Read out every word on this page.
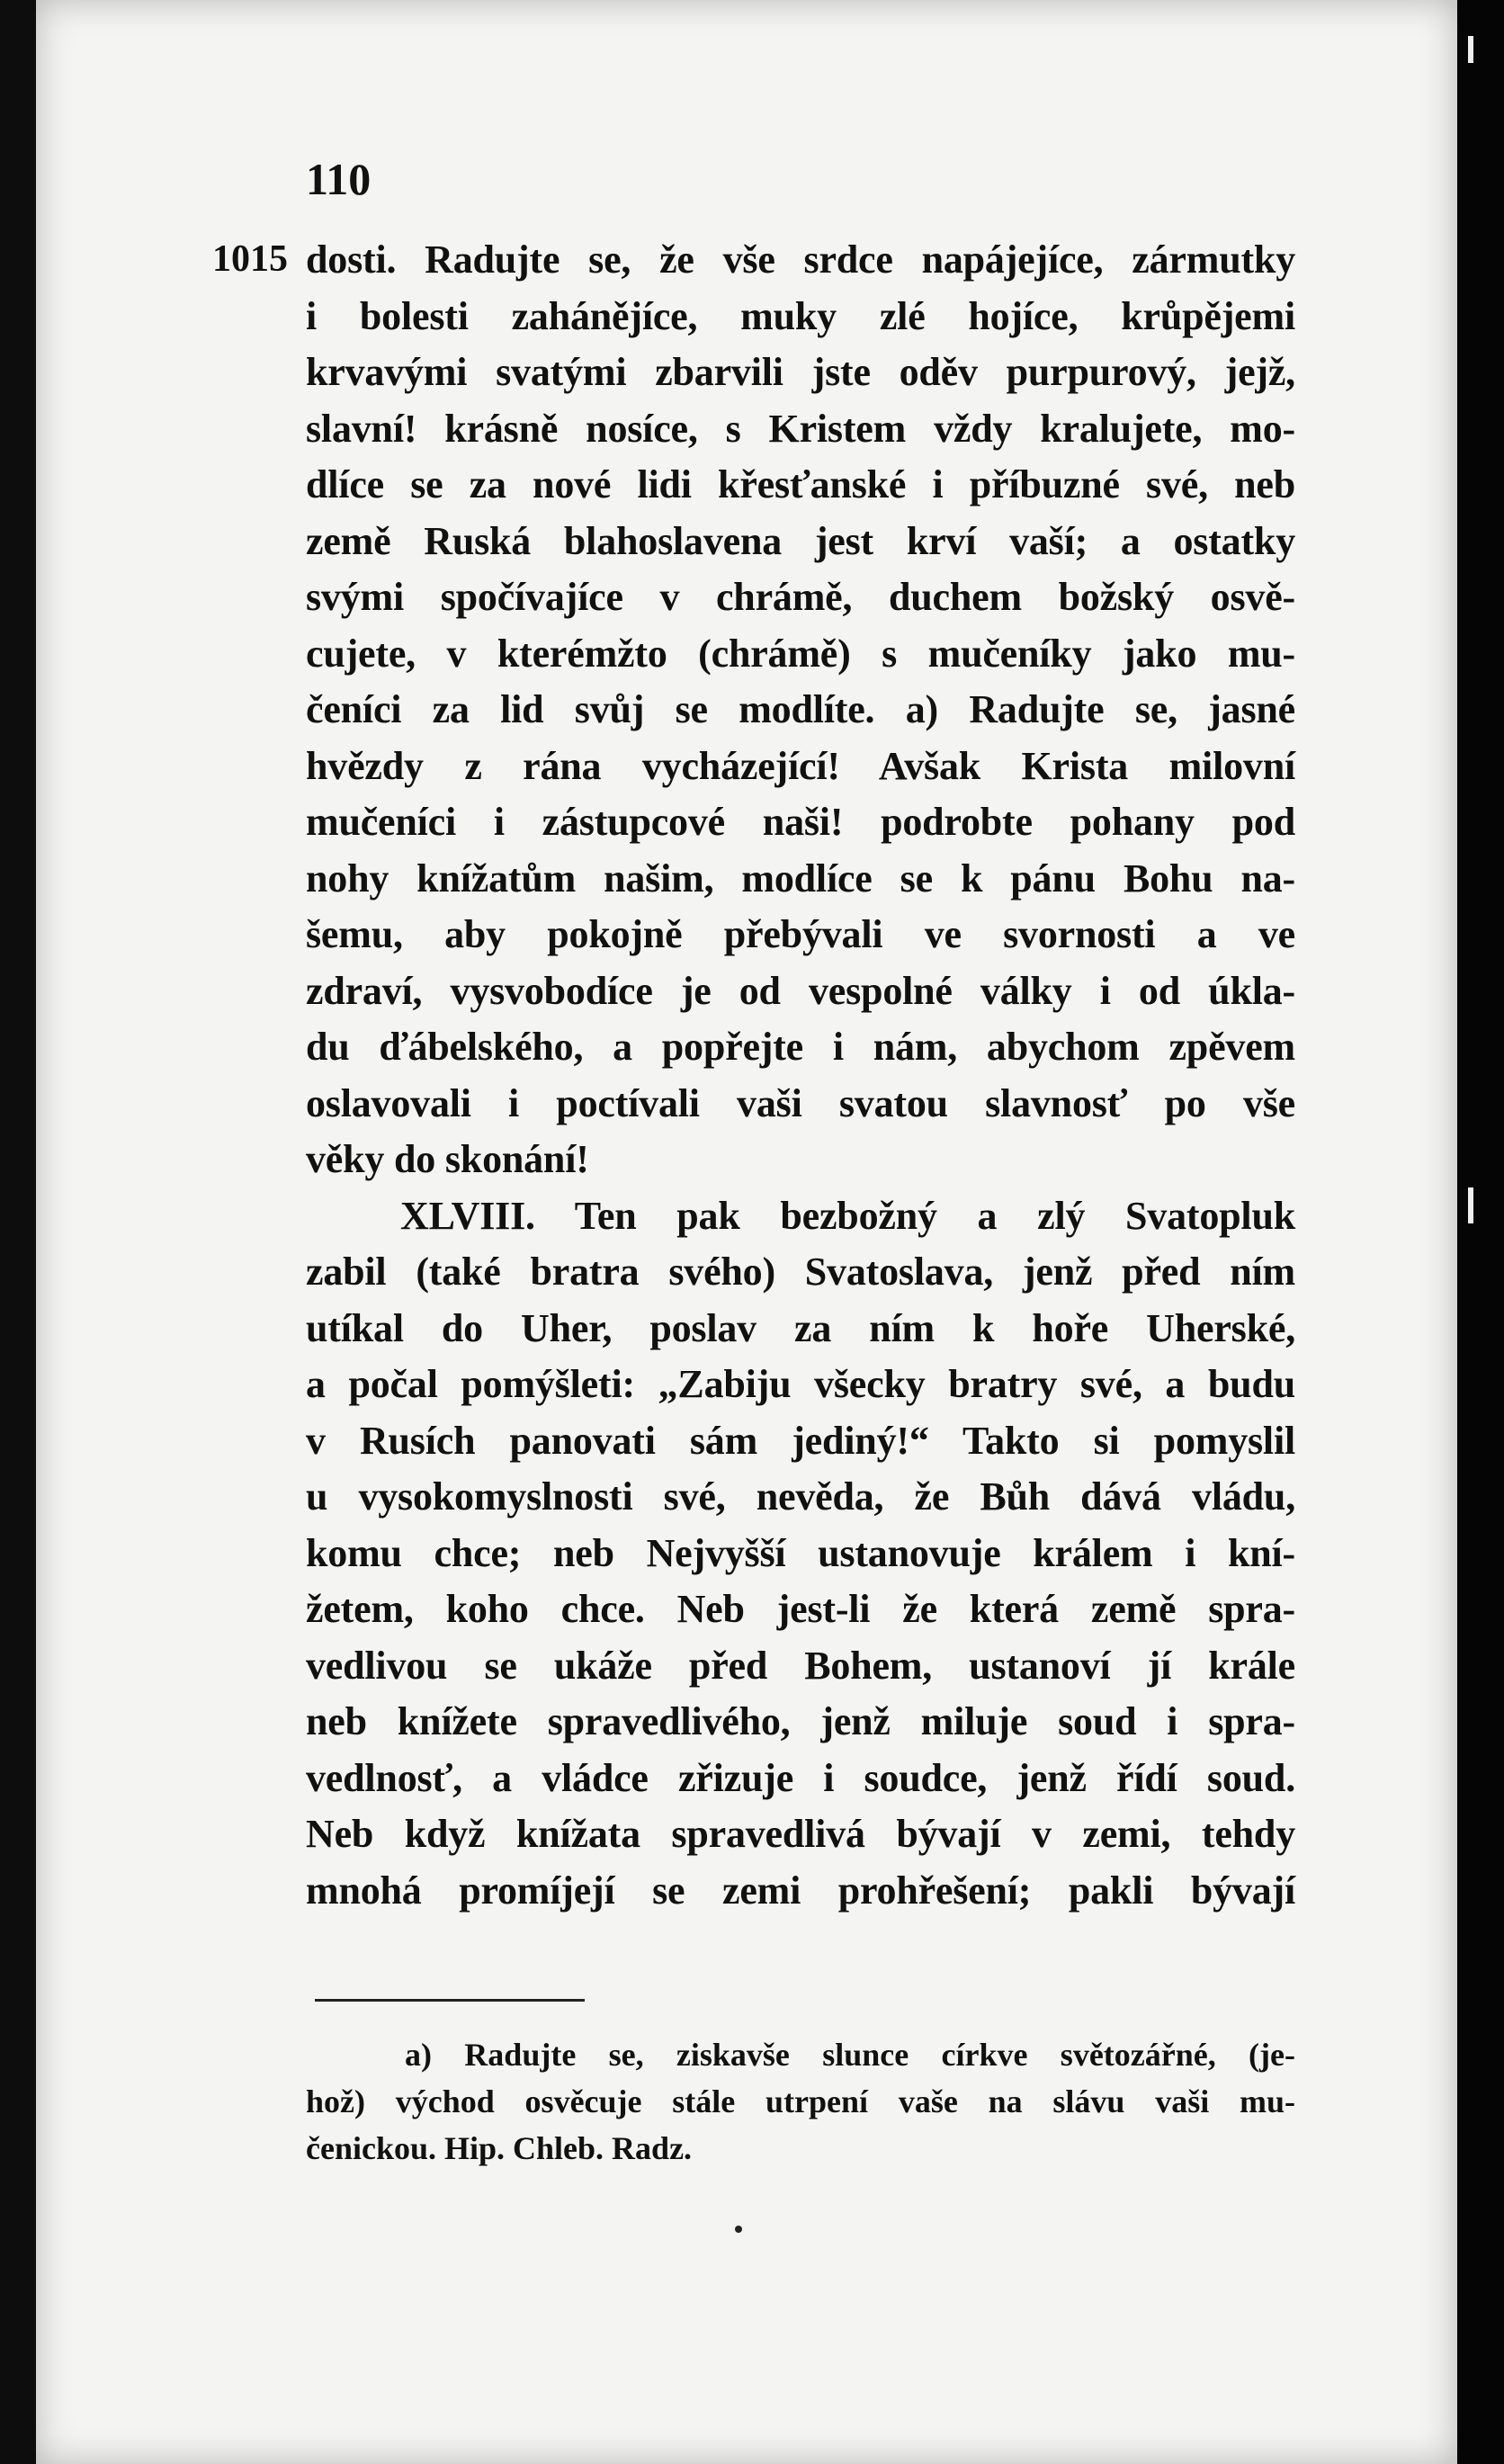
110
1015 dosti. Radujte se, že vše srdce napájejíce, zármutky
i bolesti zahánějíce, muky zlé hojíce, krůpějemi
krvavými svatými zbarvili jste oděv purpurový, jejž,
slavní! krásně nosíce, s Kristem vždy kralujete, mo-
dlíce se za nové lidi křesťanské i příbuzné své, neb
země Ruská blahoslavena jest krví vaší; a ostatky
svými spočívajíce v chrámě, duchem božský osvě-
cujete, v kterémžto (chrámě) s mučeníky jako mu-
čeníci za lid svůj se modlíte. a) Radujte se, jasné
hvězdy z rána vycházející! Avšak Krista milovní
mučeníci i zástupcové naši! podrobte pohany pod
nohy knížatům našim, modlíce se k pánu Bohu na-
šemu, aby pokojně přebývali ve svornosti a ve
zdraví, vysvobodíce je od vespolné války i od úkla-
du ďábelského, a popřejte i nám, abychom zpěvem
oslavovali i poctívali vaši svatou slavnosť po vše
věky do skonání!
XLVIII. Ten pak bezbožný a zlý Svatopluk
zabil (také bratra svého) Svatoslava, jenž před ním
utíkal do Uher, poslav za ním k hoře Uherské,
a počal pomýšleti: „Zabiju všecky bratry své, a budu
v Rusích panovati sám jediný!“ Takto si pomyslil
u vysokomyslnosti své, nevěda, že Bůh dává vládu,
komu chce; neb Nejvyšší ustanovuje králem i kní-
žetem, koho chce. Neb jest-li že která země spra-
vedlivou se ukáže před Bohem, ustanoví jí krále
neb knížete spravedlivého, jenž miluje soud i spra-
vedlnosť, a vládce zřizuje i soudce, jenž řídí soud.
Neb když knížata spravedlivá bývají v zemi, tehdy
mnohá promíjejí se zemi prohřešení; pakli bývají
a) Radujte se, ziskavše slunce církve světozářné, (je-
hož) východ osvěcuje stále utrpení vaše na slávu vaši mu-
čenickou. Hip. Chleb. Radz.
